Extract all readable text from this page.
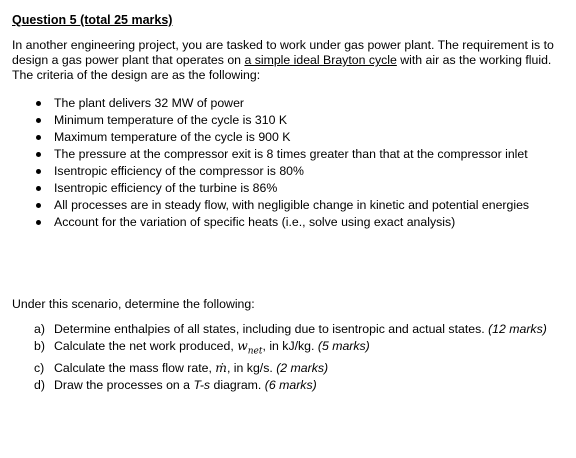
Question 5 (total 25 marks)

In another engineering project, you are tasked to work under gas power plant. The requirement is to design a gas power plant that operates on a simple ideal Brayton cycle with air as the working fluid. The criteria of the design are as the following:

The plant delivers 32 MW of power
Minimum temperature of the cycle is 310 K
Maximum temperature of the cycle is 900 K
The pressure at the compressor exit is 8 times greater than that at the compressor inlet
Isentropic efficiency of the compressor is 80%
Isentropic efficiency of the turbine is 86%
All processes are in steady flow, with negligible change in kinetic and potential energies
Account for the variation of specific heats (i.e., solve using exact analysis)

Under this scenario, determine the following:

a) Determine enthalpies of all states, including due to isentropic and actual states. (12 marks)
b) Calculate the net work produced, $w_{net}$, in kJ/kg. (5 marks)
c) Calculate the mass flow rate, ṁ, in kg/s. (2 marks)
d) Draw the processes on a T-s diagram. (6 marks)
